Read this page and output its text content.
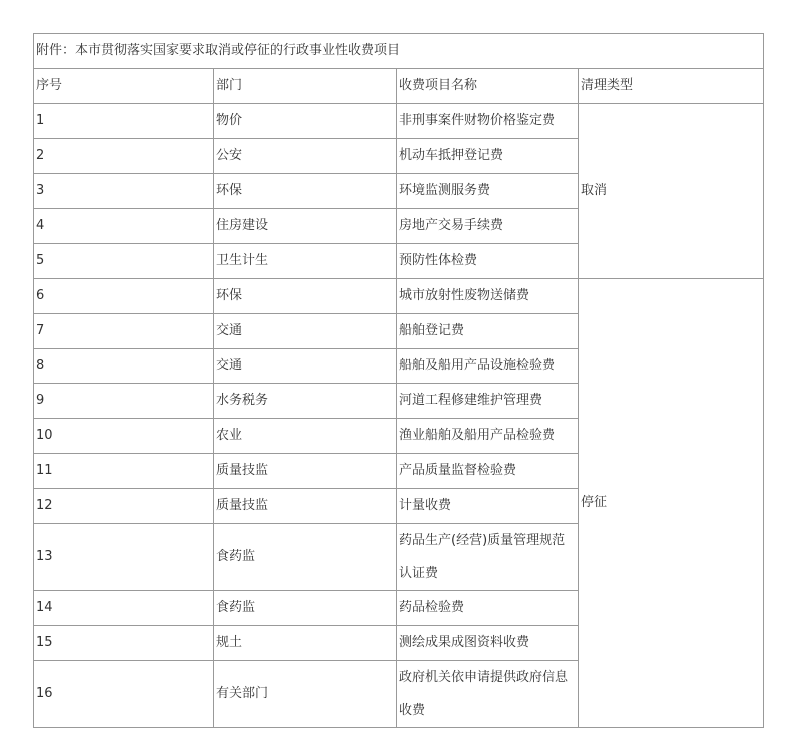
附件：本市贯彻落实国家要求取消或停征的行政事业性收费项目			
序号	部门	收费项目名称	清理类型
1	物价	非刑事案件财物价格鉴定费	取消
2	公安	机动车抵押登记费	
3	环保	环境监测服务费	
4	住房建设	房地产交易手续费	
5	卫生计生	预防性体检费	
6	环保	城市放射性废物送储费	停征
7	交通	船舶登记费	
8	交通	船舶及船用产品设施检验费	
9	水务税务	河道工程修建维护管理费	
10	农业	渔业船舶及船用产品检验费	
11	质量技监	产品质量监督检验费	
12	质量技监	计量收费	
13	食药监	药品生产(经营)质量管理规范认证费	
14	食药监	药品检验费	
15	规土	测绘成果成图资料收费	
16	有关部门	政府机关依申请提供政府信息收费	
